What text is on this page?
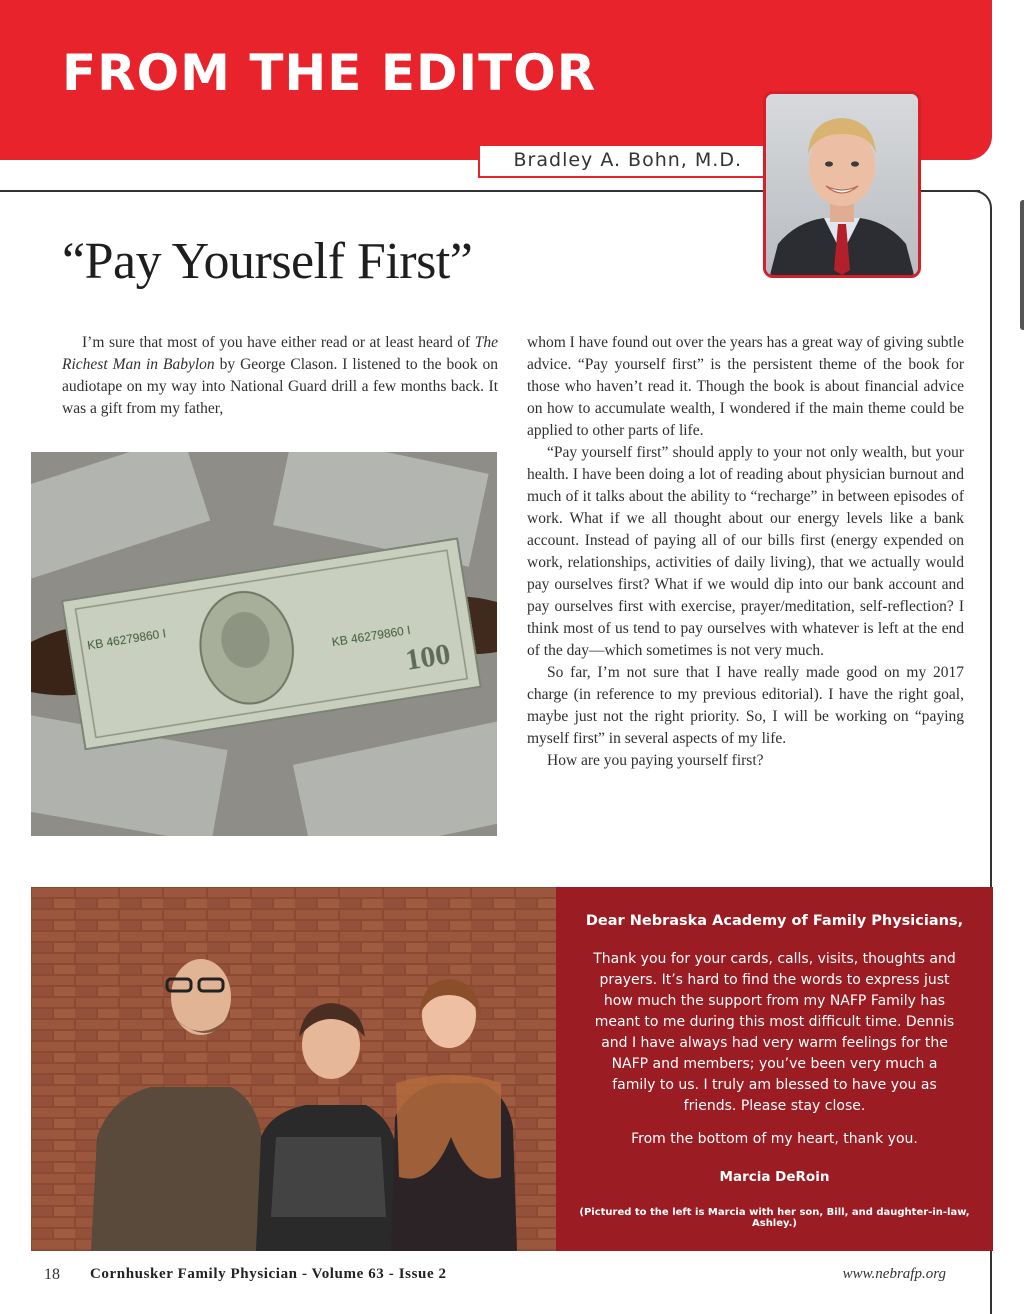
FROM THE EDITOR
Bradley A. Bohn, M.D.
“Pay Yourself First”

I’m sure that most of you have either read or at least heard of The Richest Man in Babylon by George Clason. I listened to the book on audiotape on my way into National Guard drill a few months back. It was a gift from my father,

KB 46279860 I	KB 46279860 I
100

whom I have found out over the years has a great way of giving subtle advice. “Pay yourself first” is the persistent theme of the book for those who haven’t read it. Though the book is about financial advice on how to accumulate wealth, I wondered if the main theme could be applied to other parts of life.

“Pay yourself first” should apply to your not only wealth, but your health. I have been doing a lot of reading about physician burnout and much of it talks about the ability to “recharge” in between episodes of work. What if we all thought about our energy levels like a bank account. Instead of paying all of our bills first (energy expended on work, relationships, activities of daily living), that we actually would pay ourselves first? What if we would dip into our bank account and pay ourselves first with exercise, prayer/meditation, self-reflection? I think most of us tend to pay ourselves with whatever is left at the end of the day—which sometimes is not very much.

So far, I’m not sure that I have really made good on my 2017 charge (in reference to my previous editorial). I have the right goal, maybe just not the right priority. So, I will be working on “paying myself first” in several aspects of my life.

How are you paying yourself first?

Dear Nebraska Academy of Family Physicians,

Thank you for your cards, calls, visits, thoughts and prayers. It’s hard to find the words to express just how much the support from my NAFP Family has meant to me during this most difficult time. Dennis and I have always had very warm feelings for the NAFP and members; you’ve been very much a family to us. I truly am blessed to have you as friends. Please stay close.

From the bottom of my heart, thank you.

Marcia DeRoin

(Pictured to the left is Marcia with her son, Bill, and daughter-in-law, Ashley.)

18 Cornhusker Family Physician - Volume 63 - Issue 2	www.nebrafp.org
